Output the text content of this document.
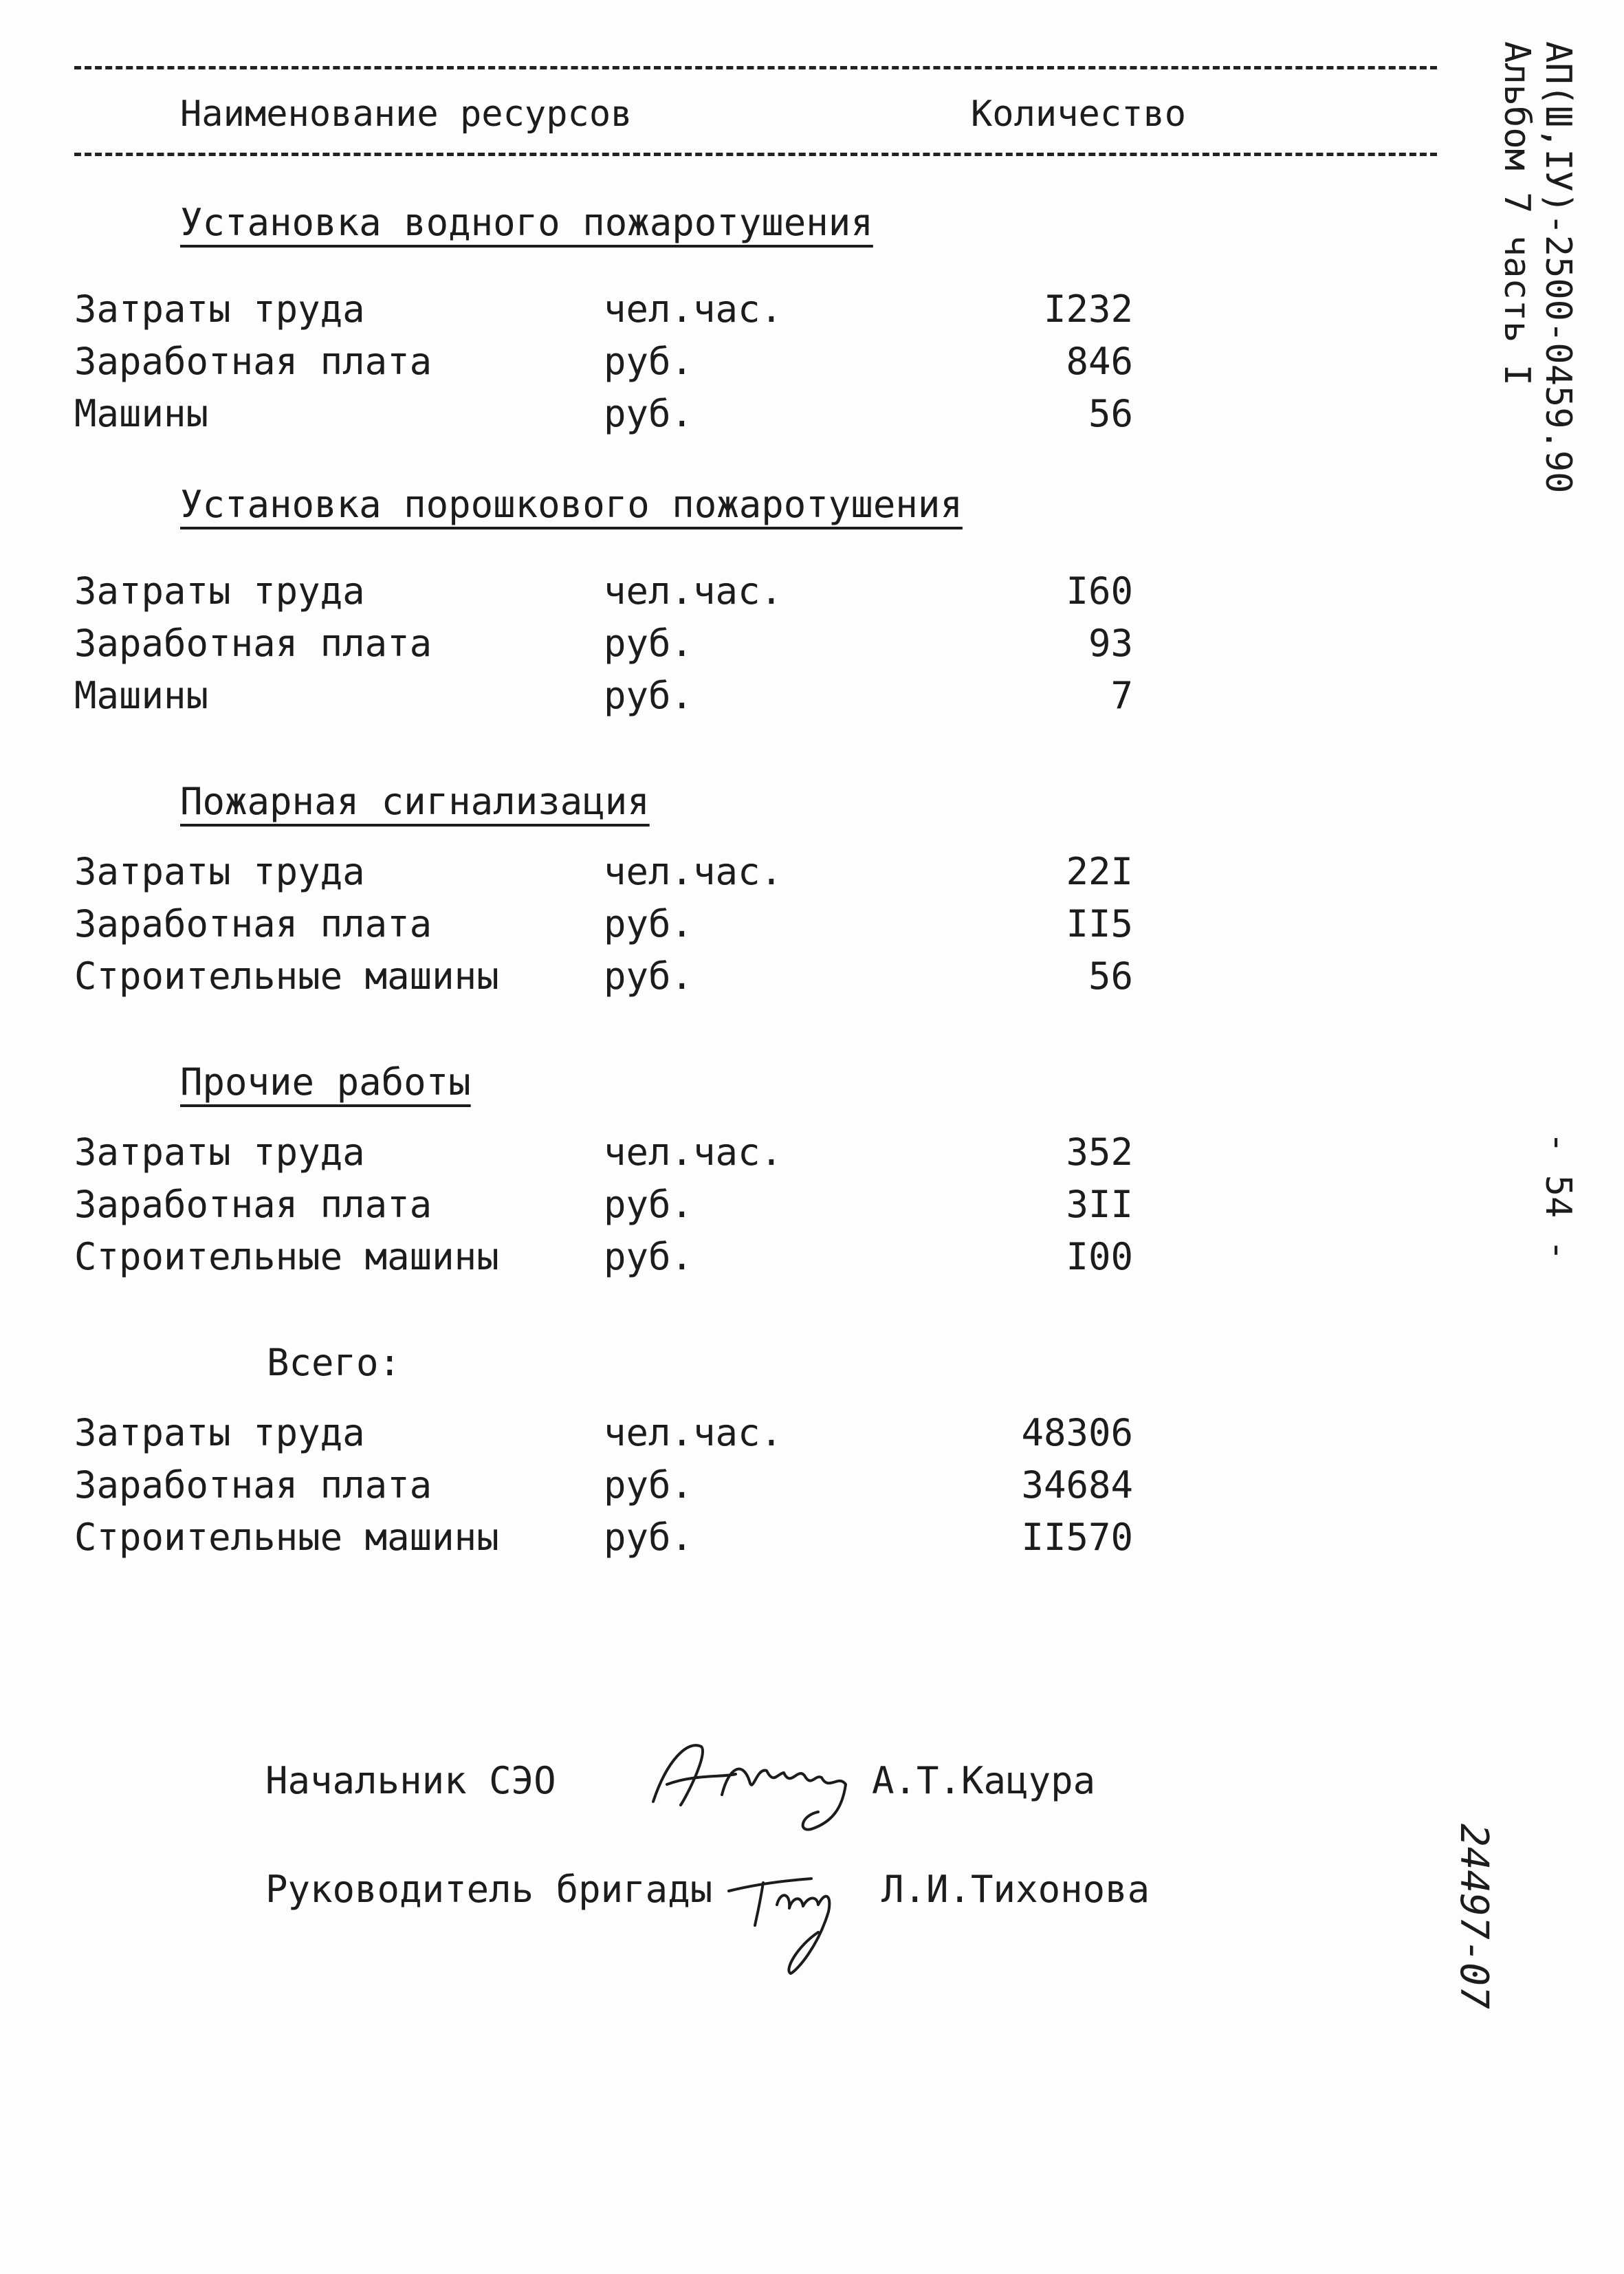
Наименование ресурсов	Количество
Установка водного пожаротушения
Затраты труда	чел.час.	I232
Заработная плата	руб.	846
Машины	руб.	56
Установка порошкового пожаротушения
Затраты труда	чел.час.	I60
Заработная плата	руб.	93
Машины	руб.	7
Пожарная сигнализация
Затраты труда	чел.час.	22I
Заработная плата	руб.	II5
Строительные машины	руб.	56
Прочие работы
Затраты труда	чел.час.	352
Заработная плата	руб.	3II
Строительные машины	руб.	I00
Всего:
Затраты труда	чел.час.	48306
Заработная плата	руб.	34684
Строительные машины	руб.	II570
Начальник СЭО	А.Т.Кацура
Руководитель бригады	Л.И.Тихонова
АП(Ш,IУ)-2500-0459.90
Альбом 7 часть I
- 54 -
24497-07
